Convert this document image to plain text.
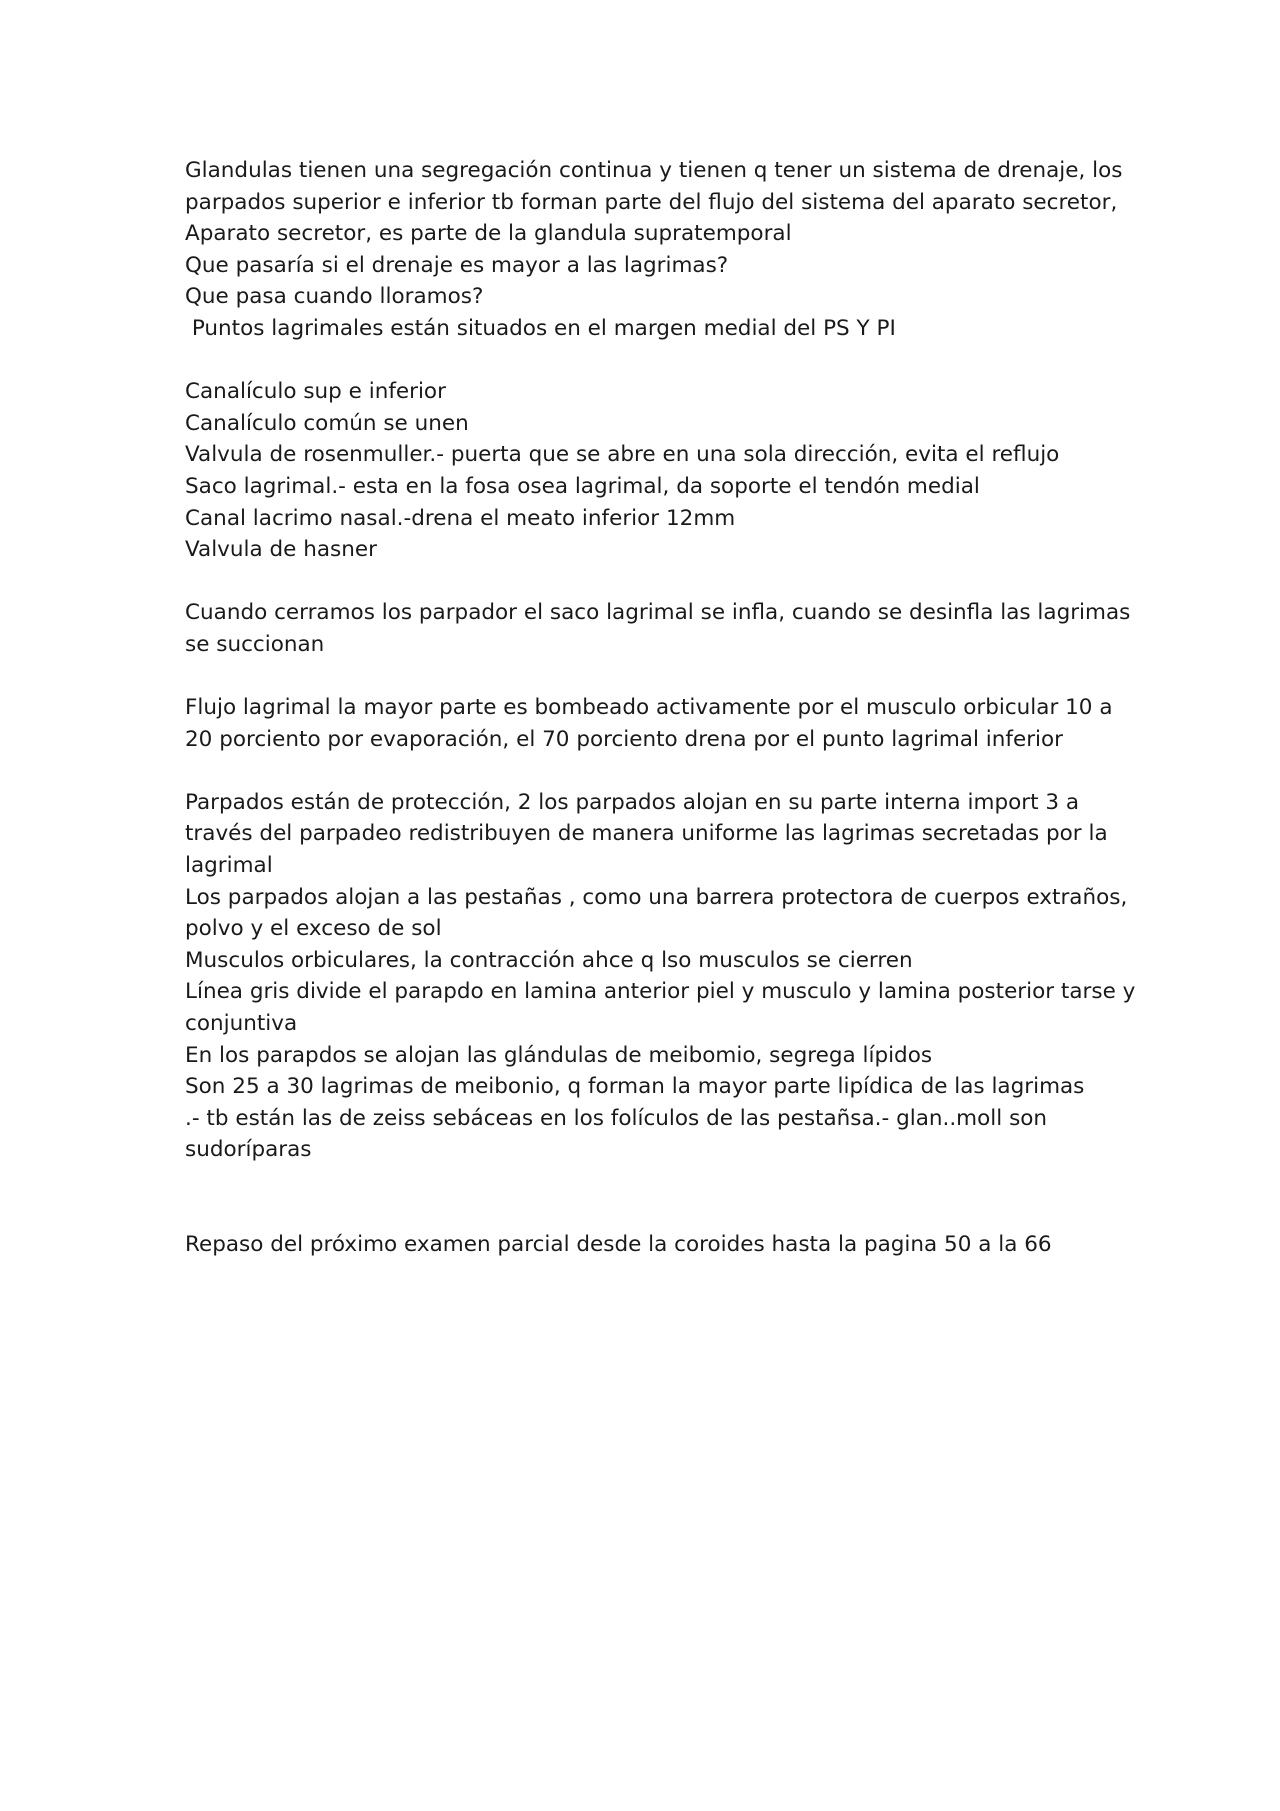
Glandulas tienen una segregación continua y tienen q tener un sistema de drenaje, los
parpados superior e inferior tb forman parte del flujo del sistema del aparato secretor,
Aparato secretor, es parte de la glandula supratemporal
Que pasaría si el drenaje es mayor a las lagrimas?
Que pasa cuando lloramos?
Puntos lagrimales están situados en el margen medial del PS Y PI
Canalículo sup e inferior
Canalículo común se unen
Valvula de rosenmuller.- puerta que se abre en una sola dirección, evita el reflujo
Saco lagrimal.- esta en la fosa osea lagrimal, da soporte el tendón medial
Canal lacrimo nasal.-drena el meato inferior 12mm
Valvula de hasner
Cuando cerramos los parpador el saco lagrimal se infla, cuando se desinfla las lagrimas
se succionan
Flujo lagrimal la mayor parte es bombeado activamente por el musculo orbicular 10 a
20 porciento por evaporación, el 70 porciento drena por el punto lagrimal inferior
Parpados están de protección, 2 los parpados alojan en su parte interna import 3 a
través del parpadeo redistribuyen de manera uniforme las lagrimas secretadas por la
lagrimal
Los parpados alojan a las pestañas , como una barrera protectora de cuerpos extraños,
polvo y el exceso de sol
Musculos orbiculares, la contracción ahce q lso musculos se cierren
Línea gris divide el parapdo en lamina anterior piel y musculo y lamina posterior tarse y
conjuntiva
En los parapdos se alojan las glándulas de meibomio, segrega lípidos
Son 25 a 30 lagrimas de meibonio, q forman la mayor parte lipídica de las lagrimas
.- tb están las de zeiss sebáceas en los folículos de las pestañsa.- glan..moll son
sudoríparas
Repaso del próximo examen parcial desde la coroides hasta la pagina 50 a la 66
